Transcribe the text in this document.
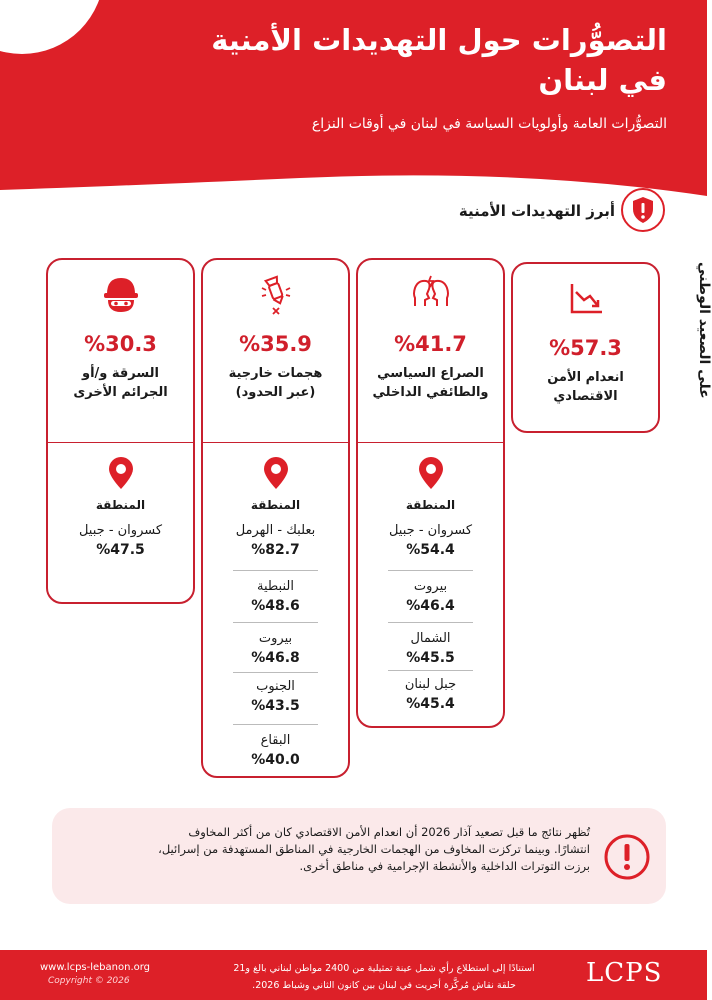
التصوُّرات حول التهديدات الأمنية
في لبنان
التصوُّرات العامة وأولويات السياسة في لبنان في أوقات النزاع
أبرز التهديدات الأمنية
على الصعيد الوطني
%57.3
انعدام الأمن
الاقتصادي
%41.7
الصراع السياسي
والطائفي الداخلي
المنطقة
كسروان - جبيل
%54.4
بيروت
%46.4
الشمال
%45.5
جبل لبنان
%45.4
%35.9
هجمات خارجية
(عبر الحدود)
المنطقة
بعلبك - الهرمل
%82.7
النبطية
%48.6
بيروت
%46.8
الجنوب
%43.5
البقاع
%40.0
%30.3
السرقة و/أو
الجرائم الأخرى
المنطقة
كسروان - جبيل
%47.5
تُظهر نتائج ما قبل تصعيد آذار 2026 أن انعدام الأمن الاقتصادي كان من أكثر المخاوف
انتشارًا. وبينما تركزت المخاوف من الهجمات الخارجية في المناطق المستهدفة من إسرائيل،
برزت التوترات الداخلية والأنشطة الإجرامية في مناطق أخرى.
LCPS
استنادًا إلى استطلاع رأي شمل عينة تمثيلية من 2400 مواطن لبناني بالغ و21
حلقة نقاش مُركَّزة أجريت في لبنان بين كانون الثاني وشباط 2026.
www.lcps-lebanon.org
Copyright © 2026
